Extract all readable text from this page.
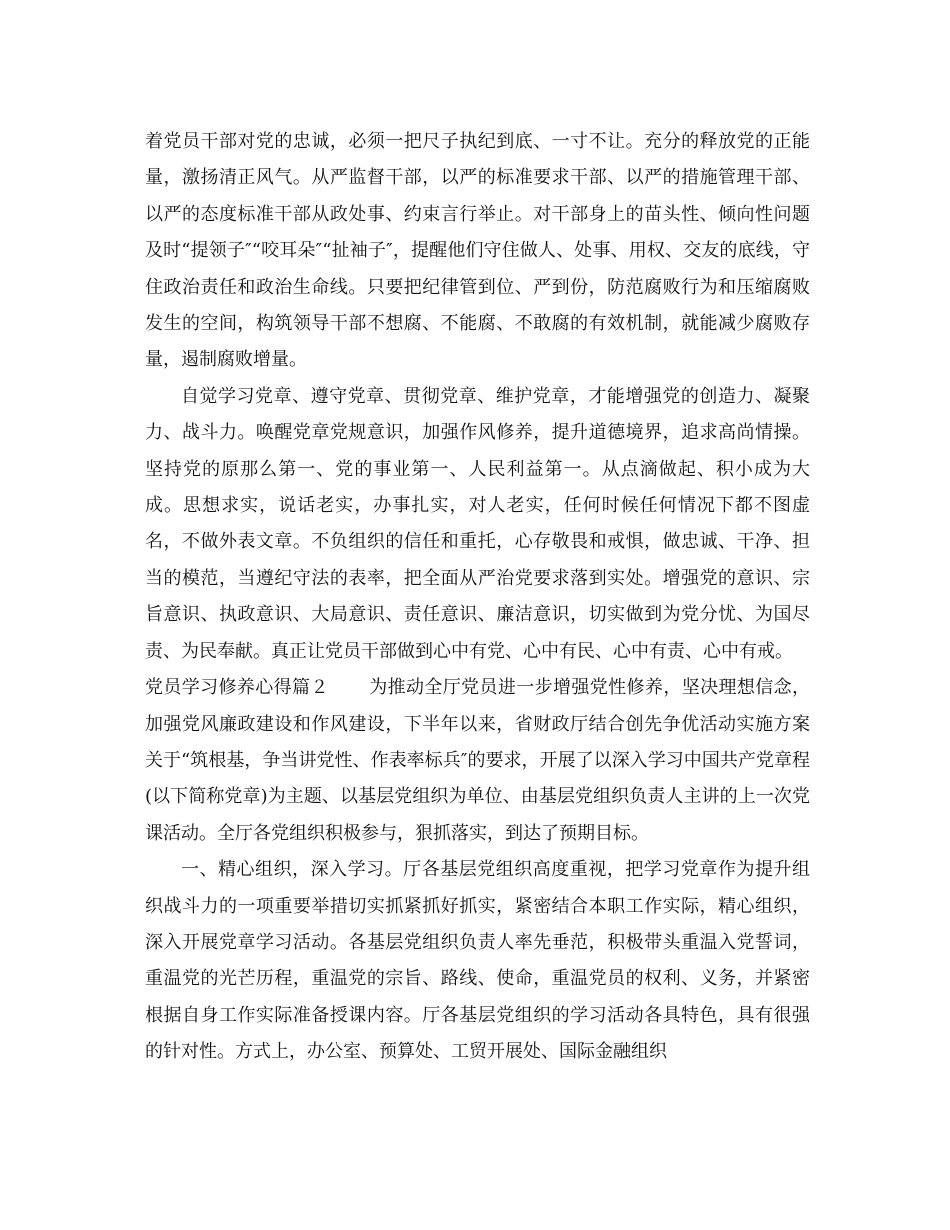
着党员干部对党的忠诚，必须一把尺子执纪到底、一寸不让。充分的释放党的正能量，激扬清正风气。从严监督干部，以严的标准要求干部、以严的措施管理干部、以严的态度标准干部从政处事、约束言行举止。对干部身上的苗头性、倾向性问题及时“提领子″“咬耳朵″“扯袖子″，提醒他们守住做人、处事、用权、交友的底线，守住政治责任和政治生命线。只要把纪律管到位、严到份，防范腐败行为和压缩腐败发生的空间，构筑领导干部不想腐、不能腐、不敢腐的有效机制，就能减少腐败存量，遏制腐败增量。

自觉学习党章、遵守党章、贯彻党章、维护党章，才能增强党的创造力、凝聚力、战斗力。唤醒党章党规意识，加强作风修养，提升道德境界，追求高尚情操。坚持党的原那么第一、党的事业第一、人民利益第一。从点滴做起、积小成为大成。思想求实，说话老实，办事扎实，对人老实，任何时候任何情况下都不图虚名，不做外表文章。不负组织的信任和重托，心存敬畏和戒惧，做忠诚、干净、担当的模范，当遵纪守法的表率，把全面从严治党要求落到实处。增强党的意识、宗旨意识、执政意识、大局意识、责任意识、廉洁意识，切实做到为党分忧、为国尽责、为民奉献。真正让党员干部做到心中有党、心中有民、心中有责、心中有戒。

党员学习修养心得篇２ 为推动全厅党员进一步增强党性修养，坚决理想信念，加强党风廉政建设和作风建设，下半年以来，省财政厅结合创先争优活动实施方案关于“筑根基，争当讲党性、作表率标兵″的要求，开展了以深入学习中国共产党章程(以下简称党章)为主题、以基层党组织为单位、由基层党组织负责人主讲的上一次党课活动。全厅各党组织积极参与，狠抓落实，到达了预期目标。

一、精心组织，深入学习。厅各基层党组织高度重视，把学习党章作为提升组织战斗力的一项重要举措切实抓紧抓好抓实，紧密结合本职工作实际，精心组织，深入开展党章学习活动。各基层党组织负责人率先垂范，积极带头重温入党誓词，重温党的光芒历程，重温党的宗旨、路线、使命，重温党员的权利、义务，并紧密根据自身工作实际准备授课内容。厅各基层党组织的学习活动各具特色，具有很强的针对性。方式上，办公室、预算处、工贸开展处、国际金融组织
